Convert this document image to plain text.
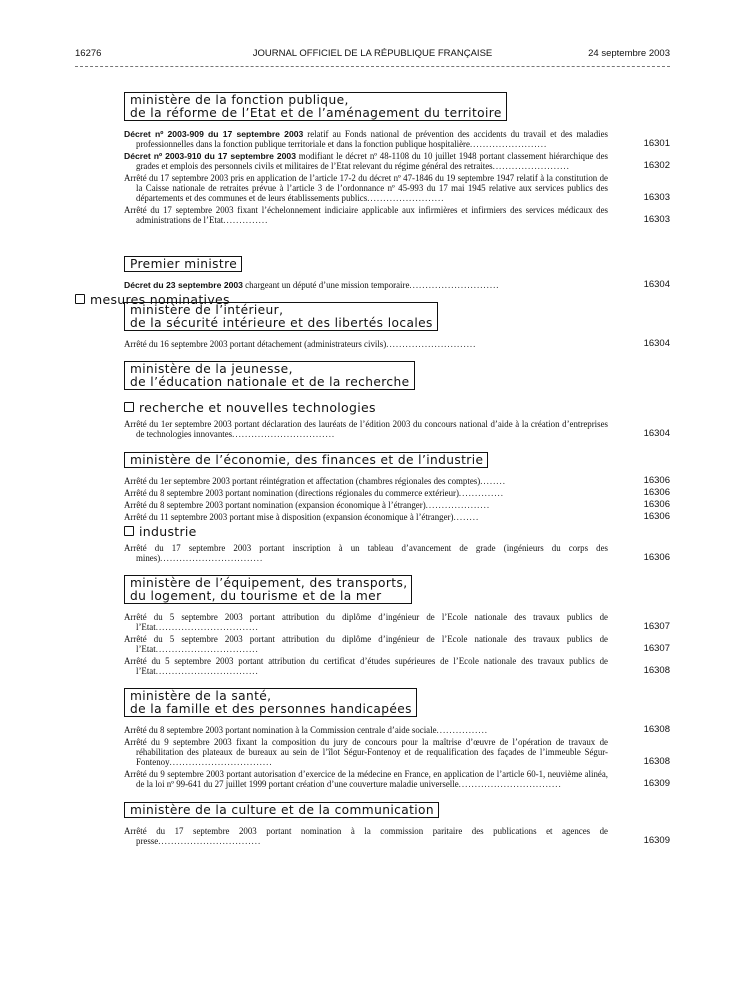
16276	JOURNAL OFFICIEL DE LA RÉPUBLIQUE FRANÇAISE	24 septembre 2003
ministère de la fonction publique,
de la réforme de l’Etat et de l’aménagement du territoire
Décret nº 2003-909 du 17 septembre 2003 relatif au Fonds national de prévention des accidents du travail et des maladies professionnelles dans la fonction publique territoriale et dans la fonction publique hospitalière........................	16301
Décret nº 2003-910 du 17 septembre 2003 modifiant le décret nº 48-1108 du 10 juillet 1948 portant classement hiérarchique des grades et emplois des personnels civils et militaires de l’Etat relevant du régime général des retraites........................	16302
Arrêté du 17 septembre 2003 pris en application de l’article 17-2 du décret nº 47-1846 du 19 septembre 1947 relatif à la constitution de la Caisse nationale de retraites prévue à l’article 3 de l’ordonnance nº 45-993 du 17 mai 1945 relative aux services publics des départements et des communes et de leurs établissements publics........................	16303
Arrêté du 17 septembre 2003 fixant l’échelonnement indiciaire applicable aux infirmières et infirmiers des services médicaux des administrations de l’Etat..............	16303
Premier ministre
Décret du 23 septembre 2003 chargeant un député d’une mission temporaire............................	16304
ministère de l’intérieur,
de la sécurité intérieure et des libertés locales
Arrêté du 16 septembre 2003 portant détachement (administrateurs civils)............................	16304
ministère de la jeunesse,
de l’éducation nationale et de la recherche
recherche et nouvelles technologies
Arrêté du 1er septembre 2003 portant déclaration des lauréats de l’édition 2003 du concours national d’aide à la création d’entreprises de technologies innovantes................................	16304
ministère de l’économie, des finances et de l’industrie
Arrêté du 1er septembre 2003 portant réintégration et affectation (chambres régionales des comptes)........	16306
Arrêté du 8 septembre 2003 portant nomination (directions régionales du commerce extérieur)..............	16306
Arrêté du 8 septembre 2003 portant nomination (expansion économique à l’étranger)....................	16306
Arrêté du 11 septembre 2003 portant mise à disposition (expansion économique à l’étranger)........	16306
industrie
Arrêté du 17 septembre 2003 portant inscription à un tableau d’avancement de grade (ingénieurs du corps des mines)................................	16306
ministère de l’équipement, des transports,
du logement, du tourisme et de la mer
Arrêté du 5 septembre 2003 portant attribution du diplôme d’ingénieur de l’Ecole nationale des travaux publics de l’Etat................................	16307
Arrêté du 5 septembre 2003 portant attribution du diplôme d’ingénieur de l’Ecole nationale des travaux publics de l’Etat................................	16307
Arrêté du 5 septembre 2003 portant attribution du certificat d’études supérieures de l’Ecole nationale des travaux publics de l’Etat................................	16308
ministère de la santé,
de la famille et des personnes handicapées
Arrêté du 8 septembre 2003 portant nomination à la Commission centrale d’aide sociale................	16308
Arrêté du 9 septembre 2003 fixant la composition du jury de concours pour la maîtrise d’œuvre de l’opération de travaux de réhabilitation des plateaux de bureaux au sein de l’îlot Ségur-Fontenoy et de requalification des façades de l’immeuble Ségur-Fontenoy................................	16308
Arrêté du 9 septembre 2003 portant autorisation d’exercice de la médecine en France, en application de l’article 60-1, neuvième alinéa, de la loi nº 99-641 du 27 juillet 1999 portant création d’une couverture maladie universelle................................	16309
ministère de la culture et de la communication
Arrêté du 17 septembre 2003 portant nomination à la commission paritaire des publications et agences de presse................................	16309
mesures nominatives
